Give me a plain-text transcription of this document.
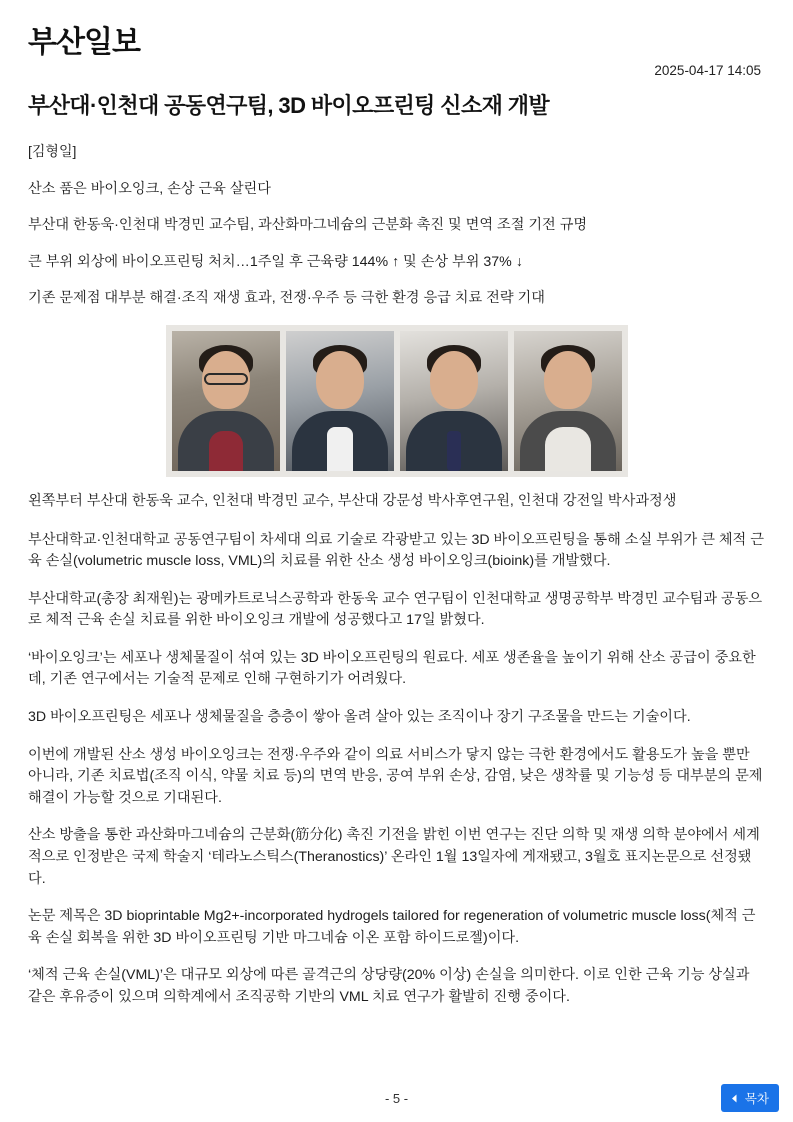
부산일보
2025-04-17 14:05
부산대·인천대 공동연구팀, 3D 바이오프린팅 신소재 개발
[김형일]
산소 품은 바이오잉크, 손상 근육 살린다
부산대 한동욱·인천대 박경민 교수팀, 과산화마그네슘의 근분화 촉진 및 면역 조절 기전 규명
큰 부위 외상에 바이오프린팅 처치…1주일 후 근육량 144% ↑ 및 손상 부위 37% ↓
기존 문제점 대부분 해결·조직 재생 효과, 전쟁·우주 등 극한 환경 응급 치료 전략 기대
왼쪽부터 부산대 한동욱 교수, 인천대 박경민 교수, 부산대 강문성 박사후연구원, 인천대 강전일 박사과정생

부산대학교·인천대학교 공동연구팀이 차세대 의료 기술로 각광받고 있는 3D 바이오프린팅을 통해 소실 부위가 큰 체적 근육 손실(volumetric muscle loss, VML)의 치료를 위한 산소 생성 바이오잉크(bioink)를 개발했다.

부산대학교(총장 최재원)는 광메카트로닉스공학과 한동욱 교수 연구팀이 인천대학교 생명공학부 박경민 교수팀과 공동으로 체적 근육 손실 치료를 위한 바이오잉크 개발에 성공했다고 17일 밝혔다.

‘바이오잉크’는 세포나 생체물질이 섞여 있는 3D 바이오프린팅의 원료다. 세포 생존율을 높이기 위해 산소 공급이 중요한데, 기존 연구에서는 기술적 문제로 인해 구현하기가 어려웠다.

3D 바이오프린팅은 세포나 생체물질을 층층이 쌓아 올려 살아 있는 조직이나 장기 구조물을 만드는 기술이다.

이번에 개발된 산소 생성 바이오잉크는 전쟁·우주와 같이 의료 서비스가 닿지 않는 극한 환경에서도 활용도가 높을 뿐만 아니라, 기존 치료법(조직 이식, 약물 치료 등)의 면역 반응, 공여 부위 손상, 감염, 낮은 생착률 및 기능성 등 대부분의 문제 해결이 가능할 것으로 기대된다.

산소 방출을 통한 과산화마그네슘의 근분화(筋分化) 촉진 기전을 밝힌 이번 연구는 진단 의학 및 재생 의학 분야에서 세계적으로 인정받은 국제 학술지 ‘테라노스틱스(Theranostics)’ 온라인 1월 13일자에 게재됐고, 3월호 표지논문으로 선정됐다.

논문 제목은 3D bioprintable Mg2+-incorporated hydrogels tailored for regeneration of volumetric muscle loss(체적 근육 손실 회복을 위한 3D 바이오프린팅 기반 마그네슘 이온 포함 하이드로젤)이다.

‘체적 근육 손실(VML)’은 대규모 외상에 따른 골격근의 상당량(20% 이상) 손실을 의미한다. 이로 인한 근육 기능 상실과 같은 후유증이 있으며 의학계에서 조직공학 기반의 VML 치료 연구가 활발히 진행 중이다.

- 5 -	목차
